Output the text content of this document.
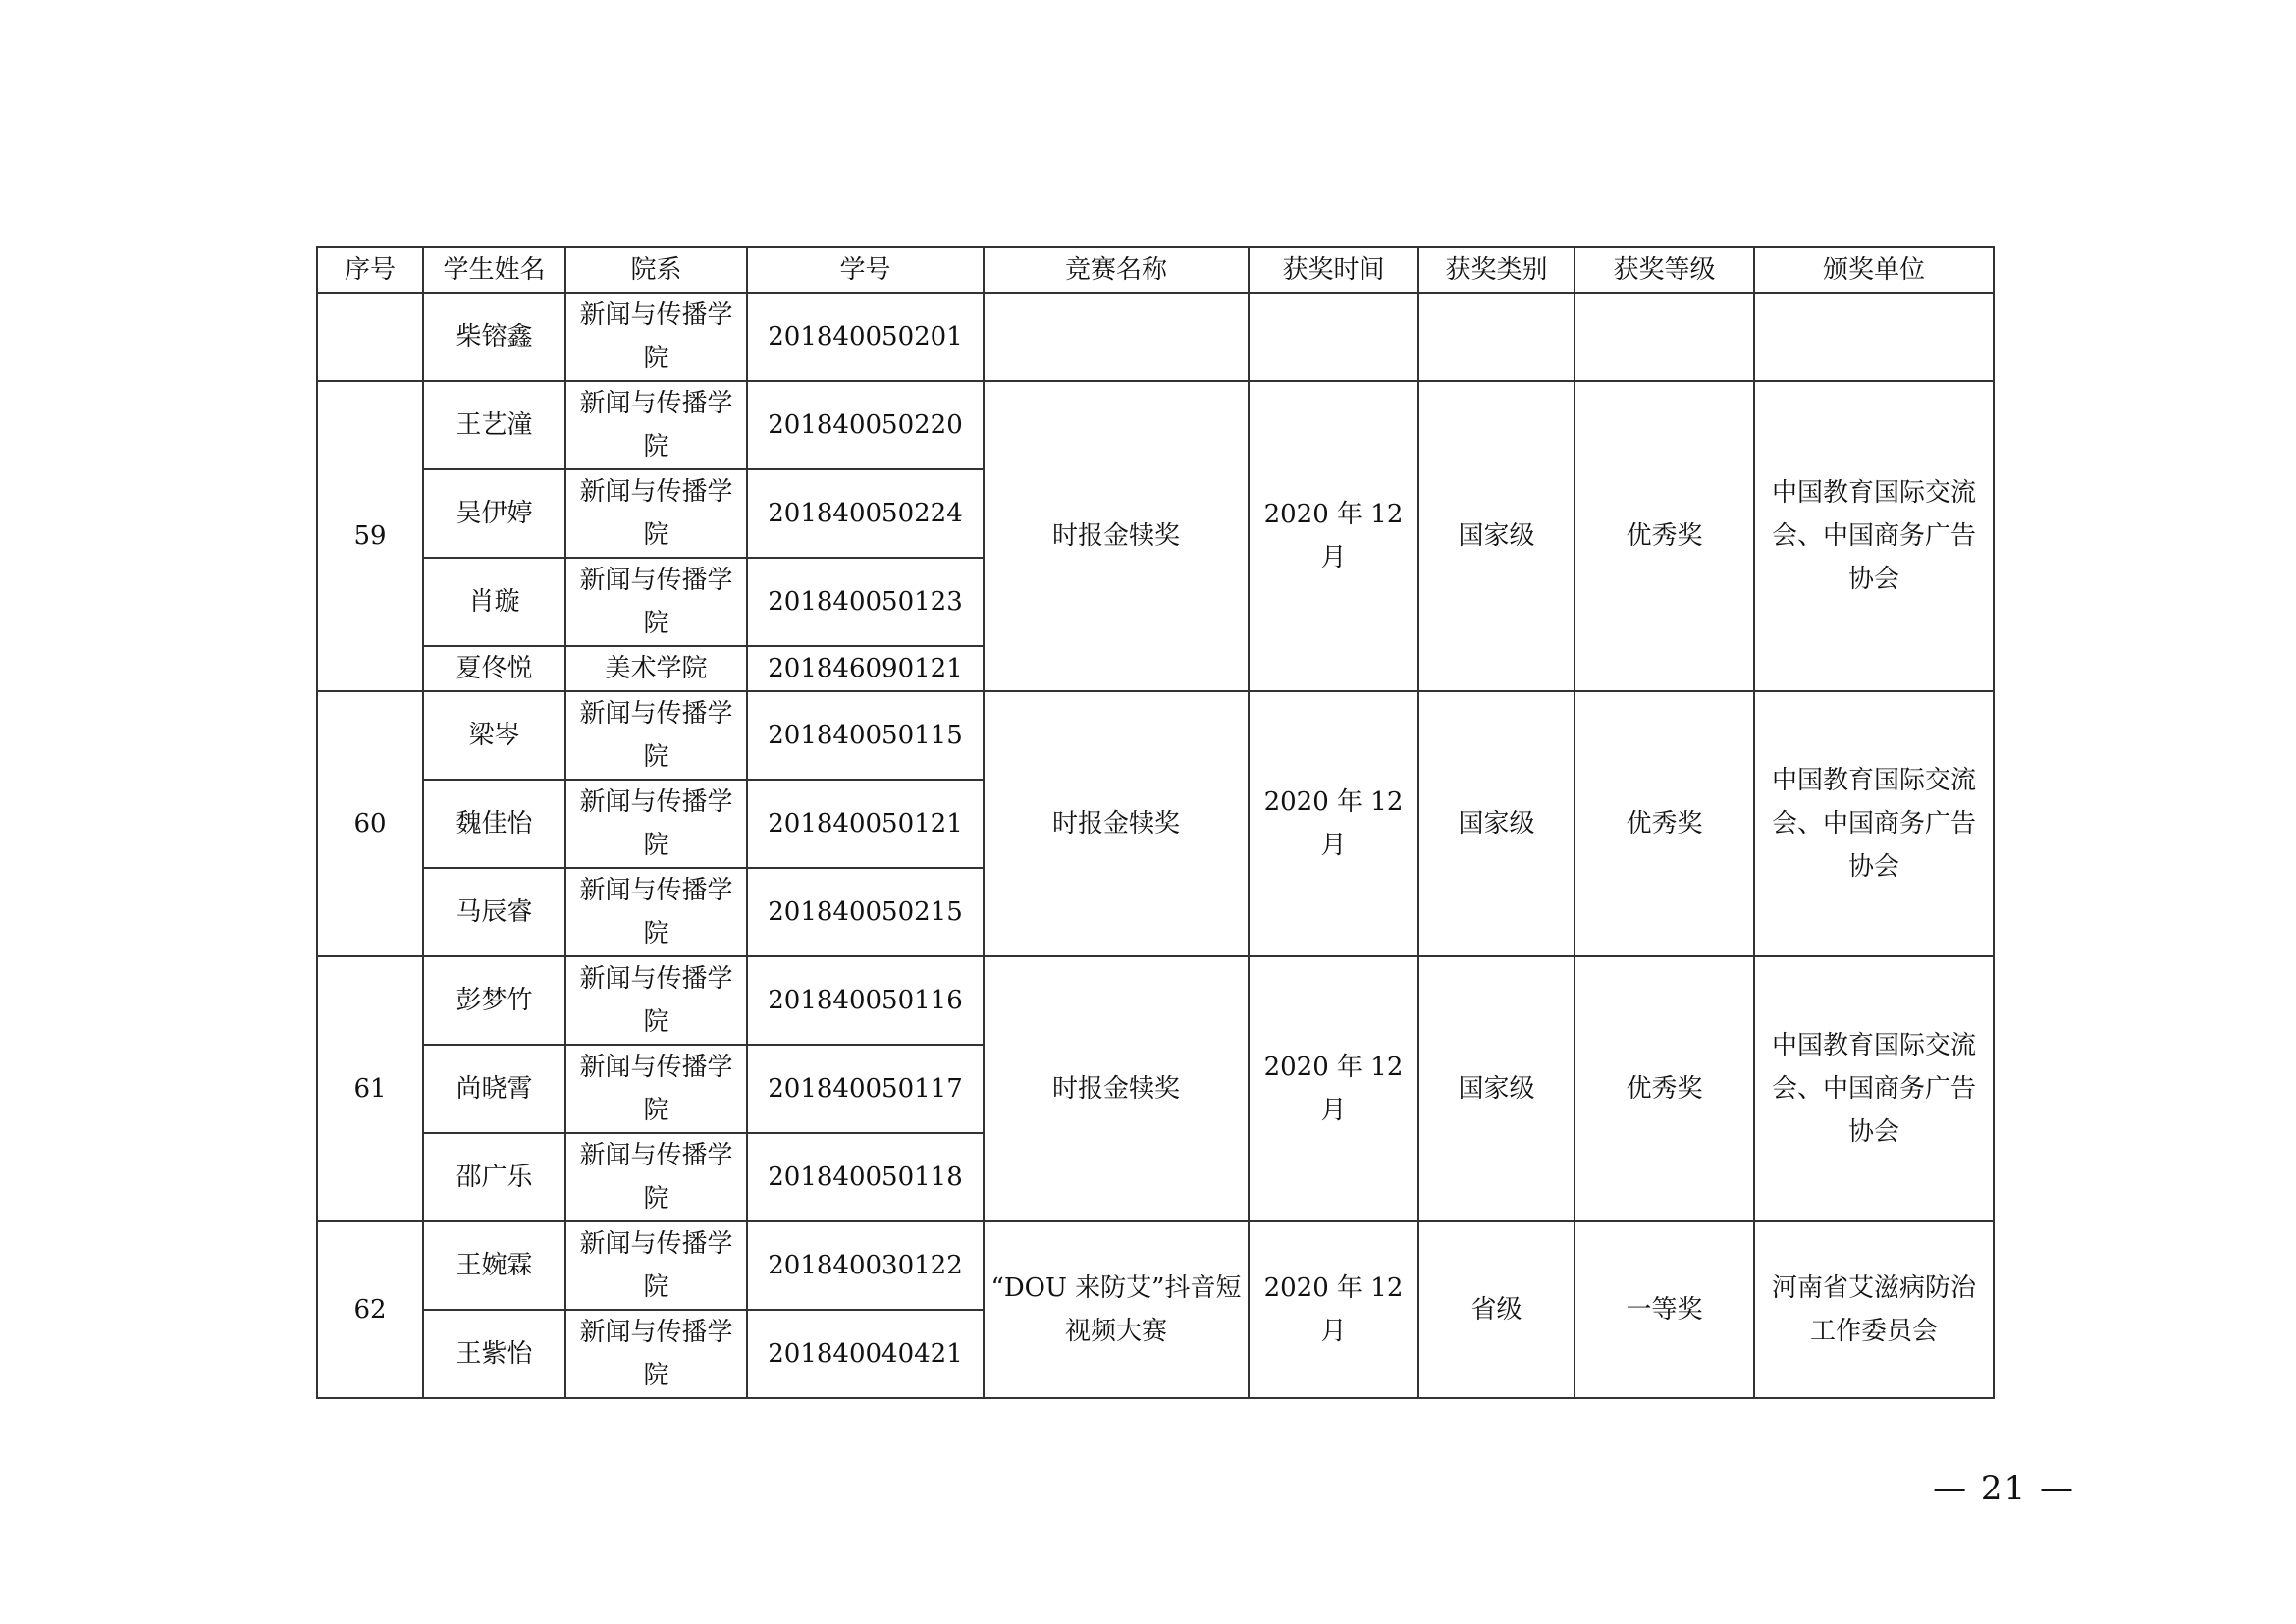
序号	学生姓名	院系	学号	竞赛名称	获奖时间	获奖类别	获奖等级	颁奖单位
	柴镕鑫	新闻与传播学院	201840050201					
59	王艺潼	新闻与传播学院	201840050220	时报金犊奖	2020 年 12 月	国家级	优秀奖	中国教育国际交流会、中国商务广告协会
	吴伊婷	新闻与传播学院	201840050224					
	肖璇	新闻与传播学院	201840050123					
	夏佟悦	美术学院	201846090121					
60	梁岑	新闻与传播学院	201840050115	时报金犊奖	2020 年 12 月	国家级	优秀奖	中国教育国际交流会、中国商务广告协会
	魏佳怡	新闻与传播学院	201840050121					
	马辰睿	新闻与传播学院	201840050215					
61	彭梦竹	新闻与传播学院	201840050116	时报金犊奖	2020 年 12 月	国家级	优秀奖	中国教育国际交流会、中国商务广告协会
	尚晓霄	新闻与传播学院	201840050117					
	邵广乐	新闻与传播学院	201840050118					
62	王婉霖	新闻与传播学院	201840030122	“DOU 来防艾”抖音短视频大赛	2020 年 12 月	省级	一等奖	河南省艾滋病防治工作委员会
	王紫怡	新闻与传播学院	201840040421					
— 21 —
